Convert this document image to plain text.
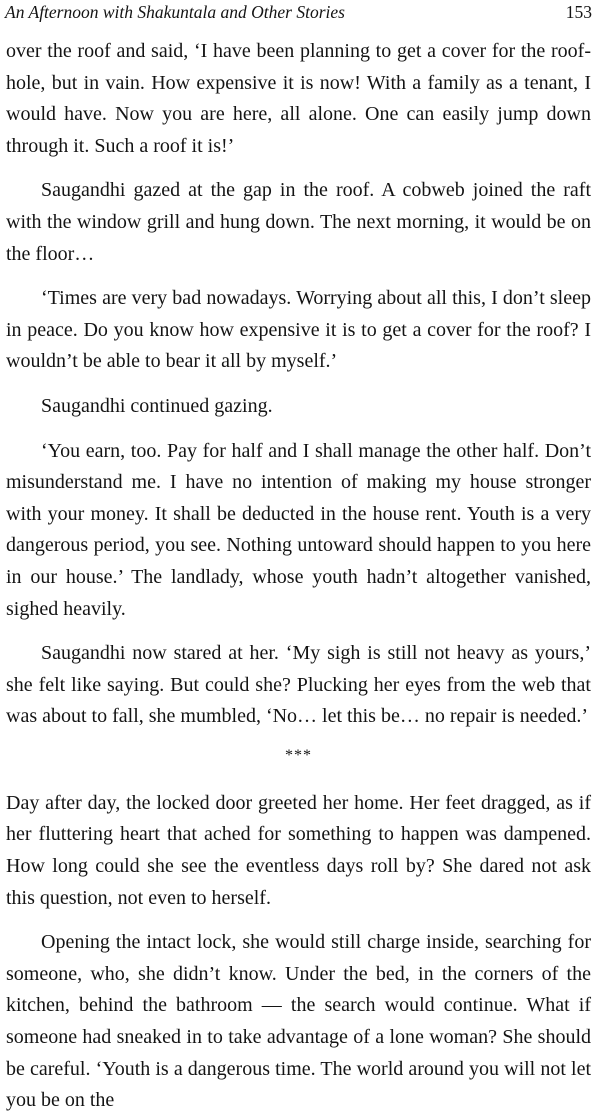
An Afternoon with Shakuntala and Other Stories	153

over the roof and said, ‘I have been planning to get a cover for the roof-hole, but in vain. How expensive it is now! With a family as a tenant, I would have. Now you are here, all alone. One can easily jump down through it. Such a roof it is!’

Saugandhi gazed at the gap in the roof. A cobweb joined the raft with the window grill and hung down. The next morning, it would be on the floor…

‘Times are very bad nowadays. Worrying about all this, I don’t sleep in peace. Do you know how expensive it is to get a cover for the roof? I wouldn’t be able to bear it all by myself.’

Saugandhi continued gazing.

‘You earn, too. Pay for half and I shall manage the other half. Don’t misunderstand me. I have no intention of making my house stronger with your money. It shall be deducted in the house rent. Youth is a very dangerous period, you see. Nothing untoward should happen to you here in our house.’ The landlady, whose youth hadn’t altogether vanished, sighed heavily.

Saugandhi now stared at her. ‘My sigh is still not heavy as yours,’ she felt like saying. But could she? Plucking her eyes from the web that was about to fall, she mumbled, ‘No… let this be… no repair is needed.’

***

Day after day, the locked door greeted her home. Her feet dragged, as if her fluttering heart that ached for something to happen was dampened. How long could she see the eventless days roll by? She dared not ask this question, not even to herself.

Opening the intact lock, she would still charge inside, searching for someone, who, she didn’t know. Under the bed, in the corners of the kitchen, behind the bathroom — the search would continue. What if someone had sneaked in to take advantage of a lone woman? She should be careful. ‘Youth is a dangerous time. The world around you will not let you be on the
